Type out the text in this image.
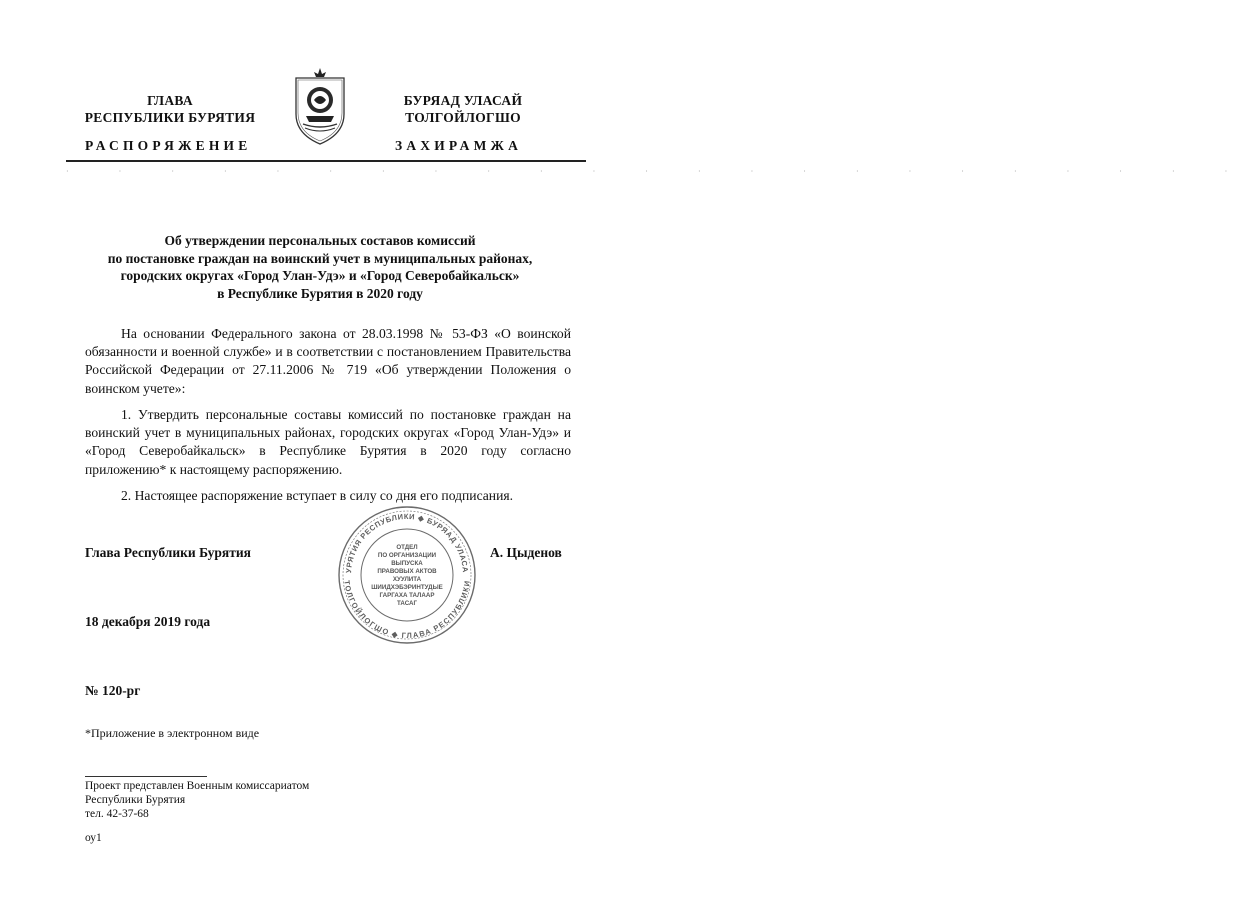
ГЛАВА
РЕСПУБЛИКИ БУРЯТИЯ
БУРЯАД УЛАСАЙ
ТОЛГОЙЛОГШО
РАСПОРЯЖЕНИЕ	ЗАХИРАМЖА
· · · · · · · · · · · · · · · · · · · · · · ·
Об утверждении персональных составов комиссий
по постановке граждан на воинский учет в муниципальных районах,
городских округах «Город Улан-Удэ» и «Город Северобайкальск»
в Республике Бурятия в 2020 году
На основании Федерального закона от 28.03.1998 № 53-ФЗ «О воинской обязанности и военной службе» и в соответствии с постановлением Правительства Российской Федерации от 27.11.2006 № 719 «Об утверждении Положения о воинском учете»:
1. Утвердить персональные составы комиссий по постановке граждан на воинский учет в муниципальных районах, городских округах «Город Улан-Удэ» и «Город Северобайкальск» в Республике Бурятия в 2020 году согласно приложению* к настоящему распоряжению.
2. Настоящее распоряжение вступает в силу со дня его подписания.
Глава Республики Бурятия	А. Цыденов
УРЯТИЯ РЕСПУБЛИКИ ◆ БУРЯАД УЛАСА
ТОЛГОЙЛОГШО ◆ ГЛАВА РЕСПУБЛИКИ
ОТДЕЛ
ПО ОРГАНИЗАЦИИ
ВЫПУСКА
ПРАВОВЫХ АКТОВ
ХУУЛИТА
ШИИДХЭБЭРИНТУДЫЕ
ГАРГАХА ТАЛААР
ТАСАГ
18 декабря 2019 года
№ 120-рг
*Приложение в электронном виде
Проект представлен Военным комиссариатом
Республики Бурятия
тел. 42-37-68
оу1
